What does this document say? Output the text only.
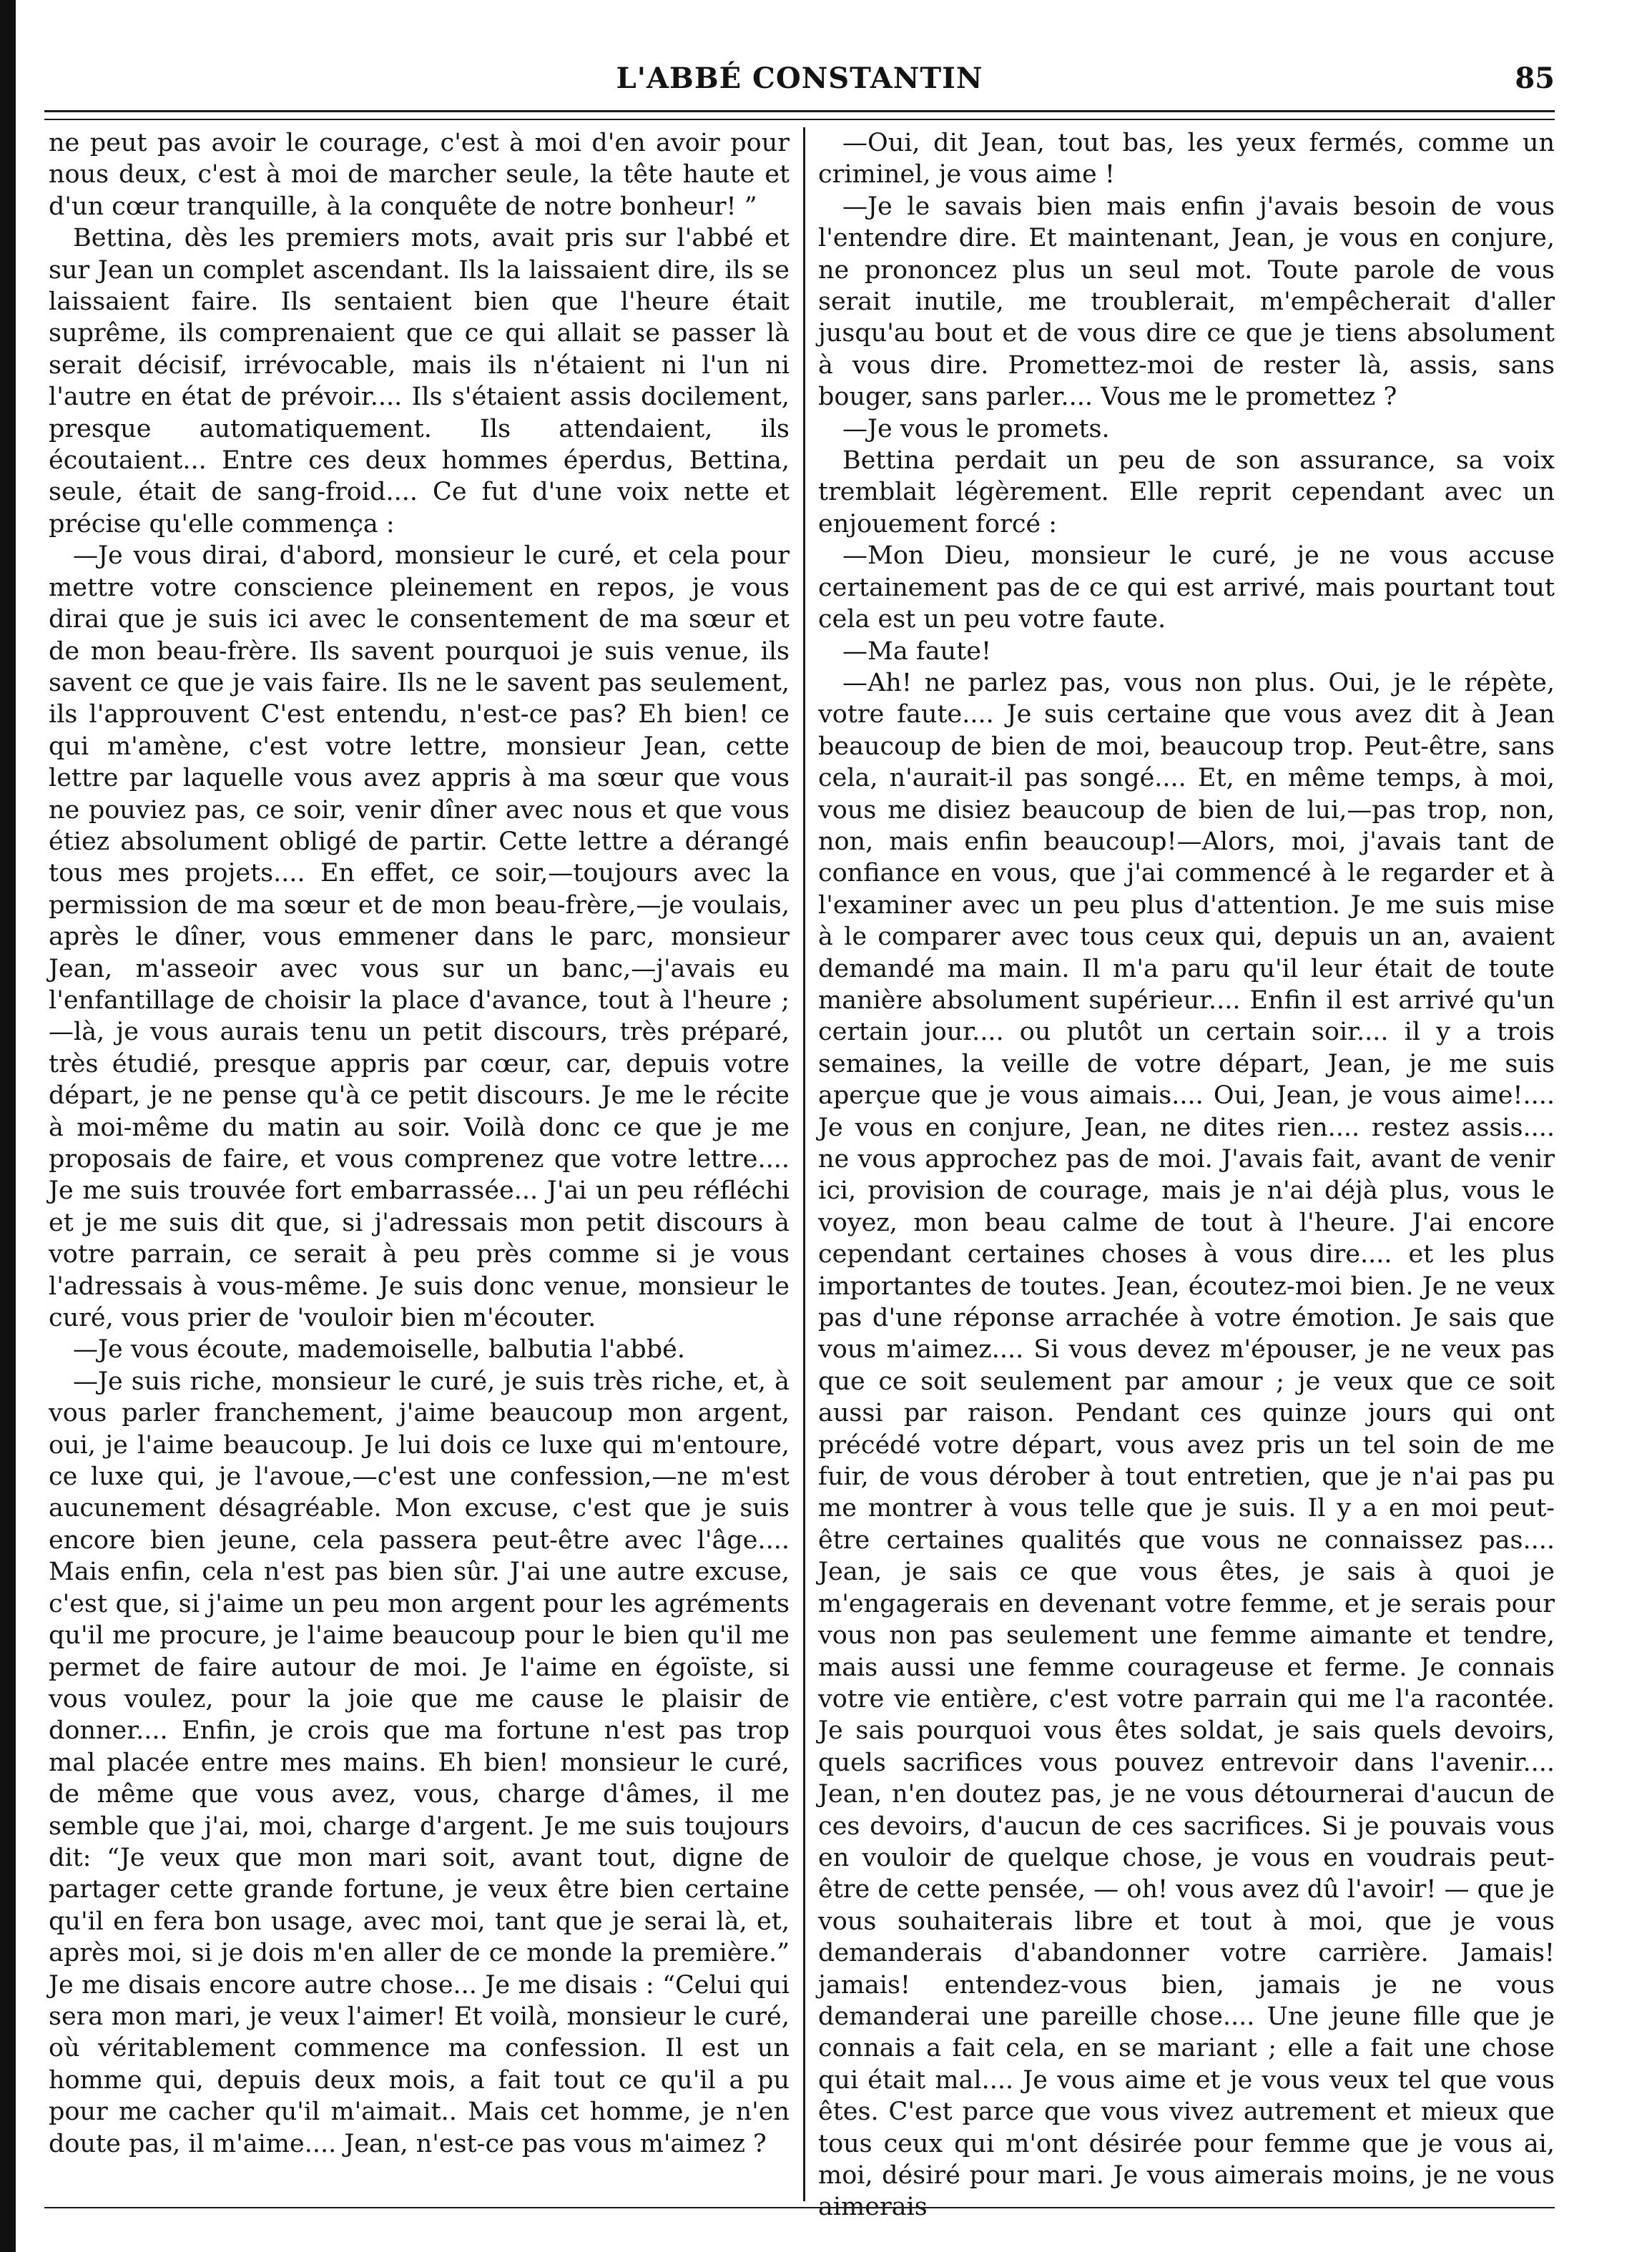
L'ABBÉ CONSTANTIN	85

ne peut pas avoir le courage, c'est à moi d'en avoir pour nous deux, c'est à moi de marcher seule, la tête haute et d'un cœur tranquille, à la conquête de notre bonheur! ”

Bettina, dès les premiers mots, avait pris sur l'abbé et sur Jean un complet ascendant. Ils la laissaient dire, ils se laissaient faire. Ils sentaient bien que l'heure était suprême, ils comprenaient que ce qui allait se passer là serait décisif, irrévocable, mais ils n'étaient ni l'un ni l'autre en état de prévoir.... Ils s'étaient assis docilement, presque automatiquement. Ils attendaient, ils écoutaient... Entre ces deux hommes éperdus, Bettina, seule, était de sang-froid.... Ce fut d'une voix nette et précise qu'elle commença :

—Je vous dirai, d'abord, monsieur le curé, et cela pour mettre votre conscience pleinement en repos, je vous dirai que je suis ici avec le consentement de ma sœur et de mon beau-frère. Ils savent pourquoi je suis venue, ils savent ce que je vais faire. Ils ne le savent pas seulement, ils l'approuvent C'est entendu, n'est-ce pas? Eh bien! ce qui m'amène, c'est votre lettre, monsieur Jean, cette lettre par laquelle vous avez appris à ma sœur que vous ne pouviez pas, ce soir, venir dîner avec nous et que vous étiez absolument obligé de partir. Cette lettre a dérangé tous mes projets.... En effet, ce soir,—toujours avec la permission de ma sœur et de mon beau-frère,—je voulais, après le dîner, vous emmener dans le parc, monsieur Jean, m'asseoir avec vous sur un banc,—j'avais eu l'enfantillage de choisir la place d'avance, tout à l'heure ;—là, je vous aurais tenu un petit discours, très préparé, très étudié, presque appris par cœur, car, depuis votre départ, je ne pense qu'à ce petit discours. Je me le récite à moi-même du matin au soir. Voilà donc ce que je me proposais de faire, et vous comprenez que votre lettre.... Je me suis trouvée fort embarrassée... J'ai un peu réfléchi et je me suis dit que, si j'adressais mon petit discours à votre parrain, ce serait à peu près comme si je vous l'adressais à vous-même. Je suis donc venue, monsieur le curé, vous prier de 'vouloir bien m'écouter.

—Je vous écoute, mademoiselle, balbutia l'abbé.

—Je suis riche, monsieur le curé, je suis très riche, et, à vous parler franchement, j'aime beaucoup mon argent, oui, je l'aime beaucoup. Je lui dois ce luxe qui m'entoure, ce luxe qui, je l'avoue,—c'est une confession,—ne m'est aucunement désagréable. Mon excuse, c'est que je suis encore bien jeune, cela passera peut-être avec l'âge.... Mais enfin, cela n'est pas bien sûr. J'ai une autre excuse, c'est que, si j'aime un peu mon argent pour les agréments qu'il me procure, je l'aime beaucoup pour le bien qu'il me permet de faire autour de moi. Je l'aime en égoïste, si vous voulez, pour la joie que me cause le plaisir de donner.... Enfin, je crois que ma fortune n'est pas trop mal placée entre mes mains. Eh bien! monsieur le curé, de même que vous avez, vous, charge d'âmes, il me semble que j'ai, moi, charge d'argent. Je me suis toujours dit: “Je veux que mon mari soit, avant tout, digne de partager cette grande fortune, je veux être bien certaine qu'il en fera bon usage, avec moi, tant que je serai là, et, après moi, si je dois m'en aller de ce monde la première.” Je me disais encore autre chose... Je me disais : “Celui qui sera mon mari, je veux l'aimer! Et voilà, monsieur le curé, où véritablement commence ma confession. Il est un homme qui, depuis deux mois, a fait tout ce qu'il a pu pour me cacher qu'il m'aimait.. Mais cet homme, je n'en doute pas, il m'aime.... Jean, n'est-ce pas vous m'aimez ?

—Oui, dit Jean, tout bas, les yeux fermés, comme un criminel, je vous aime !

—Je le savais bien mais enfin j'avais besoin de vous l'entendre dire. Et maintenant, Jean, je vous en conjure, ne prononcez plus un seul mot. Toute parole de vous serait inutile, me troublerait, m'empêcherait d'aller jusqu'au bout et de vous dire ce que je tiens absolument à vous dire. Promettez-moi de rester là, assis, sans bouger, sans parler.... Vous me le promettez ?

—Je vous le promets.

Bettina perdait un peu de son assurance, sa voix tremblait légèrement. Elle reprit cependant avec un enjouement forcé :

—Mon Dieu, monsieur le curé, je ne vous accuse certainement pas de ce qui est arrivé, mais pourtant tout cela est un peu votre faute.

—Ma faute!

—Ah! ne parlez pas, vous non plus. Oui, je le répète, votre faute.... Je suis certaine que vous avez dit à Jean beaucoup de bien de moi, beaucoup trop. Peut-être, sans cela, n'aurait-il pas songé.... Et, en même temps, à moi, vous me disiez beaucoup de bien de lui,—pas trop, non, non, mais enfin beaucoup!—Alors, moi, j'avais tant de confiance en vous, que j'ai commencé à le regarder et à l'examiner avec un peu plus d'attention. Je me suis mise à le comparer avec tous ceux qui, depuis un an, avaient demandé ma main. Il m'a paru qu'il leur était de toute manière absolument supérieur.... Enfin il est arrivé qu'un certain jour.... ou plutôt un certain soir.... il y a trois semaines, la veille de votre départ, Jean, je me suis aperçue que je vous aimais.... Oui, Jean, je vous aime!.... Je vous en conjure, Jean, ne dites rien.... restez assis.... ne vous approchez pas de moi. J'avais fait, avant de venir ici, provision de courage, mais je n'ai déjà plus, vous le voyez, mon beau calme de tout à l'heure. J'ai encore cependant certaines choses à vous dire.... et les plus importantes de toutes. Jean, écoutez-moi bien. Je ne veux pas d'une réponse arrachée à votre émotion. Je sais que vous m'aimez.... Si vous devez m'épouser, je ne veux pas que ce soit seulement par amour ; je veux que ce soit aussi par raison. Pendant ces quinze jours qui ont précédé votre départ, vous avez pris un tel soin de me fuir, de vous dérober à tout entretien, que je n'ai pas pu me montrer à vous telle que je suis. Il y a en moi peut-être certaines qualités que vous ne connaissez pas.... Jean, je sais ce que vous êtes, je sais à quoi je m'engagerais en devenant votre femme, et je serais pour vous non pas seulement une femme aimante et tendre, mais aussi une femme courageuse et ferme. Je connais votre vie entière, c'est votre parrain qui me l'a racontée. Je sais pourquoi vous êtes soldat, je sais quels devoirs, quels sacrifices vous pouvez entrevoir dans l'avenir.... Jean, n'en doutez pas, je ne vous détournerai d'aucun de ces devoirs, d'aucun de ces sacrifices. Si je pouvais vous en vouloir de quelque chose, je vous en voudrais peut-être de cette pensée, — oh! vous avez dû l'avoir! — que je vous souhaiterais libre et tout à moi, que je vous demanderais d'abandonner votre carrière. Jamais! jamais! entendez-vous bien, jamais je ne vous demanderai une pareille chose.... Une jeune fille que je connais a fait cela, en se mariant ; elle a fait une chose qui était mal.... Je vous aime et je vous veux tel que vous êtes. C'est parce que vous vivez autrement et mieux que tous ceux qui m'ont désirée pour femme que je vous ai, moi, désiré pour mari. Je vous aimerais moins, je ne vous aimerais
